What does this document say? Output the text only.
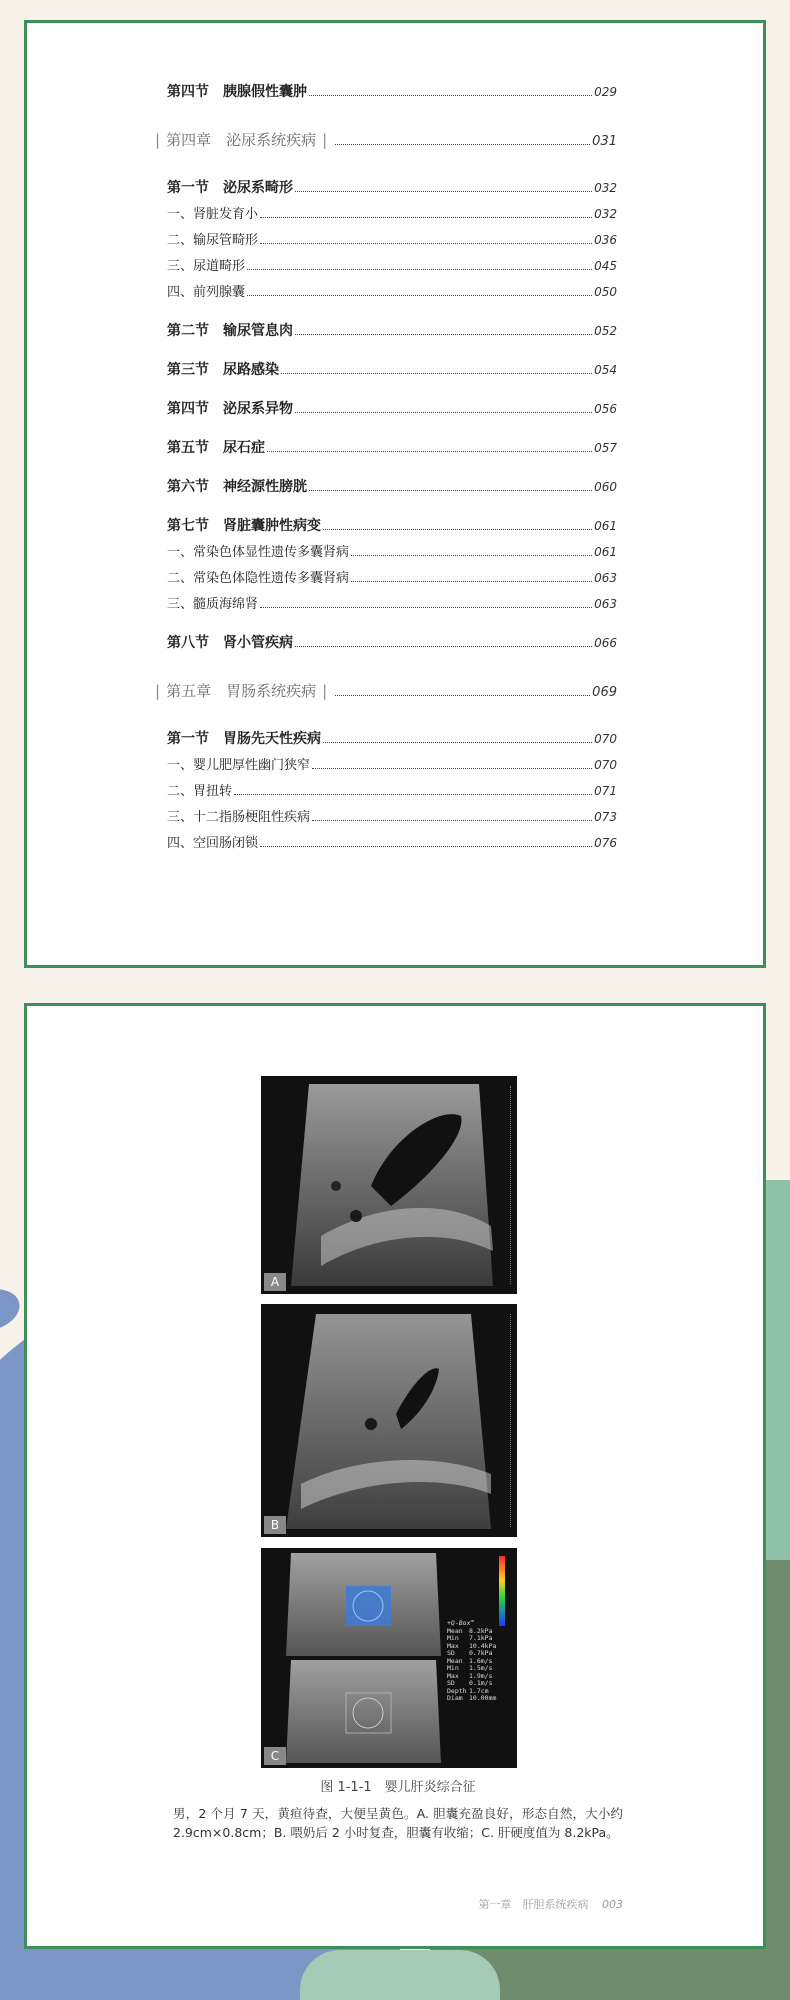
第四节　胰腺假性囊肿	029
| 第四章　泌尿系统疾病 |	031
第一节　泌尿系畸形	032
一、肾脏发育小	032
二、输尿管畸形	036
三、尿道畸形	045
四、前列腺囊	050
第二节　输尿管息肉	052
第三节　尿路感染	054
第四节　泌尿系异物	056
第五节　尿石症	057
第六节　神经源性膀胱	060
第七节　肾脏囊肿性病变	061
一、常染色体显性遗传多囊肾病	061
二、常染色体隐性遗传多囊肾病	063
三、髓质海绵肾	063
第八节　肾小管疾病	066
| 第五章　胃肠系统疾病 |	069
第一节　胃肠先天性疾病	070
一、婴儿肥厚性幽门狭窄	070
二、胃扭转	071
三、十二指肠梗阻性疾病	073
四、空回肠闭锁	076
A
B
+Q-Box™
Mean 8.2kPa
Min 7.1kPa
Max 10.4kPa
SD 0.7kPa
Mean 1.6m/s
Min 1.5m/s
Max 1.9m/s
SD 0.1m/s
Depth 1.7cm
Diam 10.00mm
C
图 1-1-1　婴儿肝炎综合征
男，2 个月 7 天，黄疸待查，大便呈黄色。A. 胆囊充盈良好，形态自然，大小约 2.9cm×0.8cm；B. 喂奶后 2 小时复查，胆囊有收缩；C. 肝硬度值为 8.2kPa。
第一章　肝胆系统疾病 003
